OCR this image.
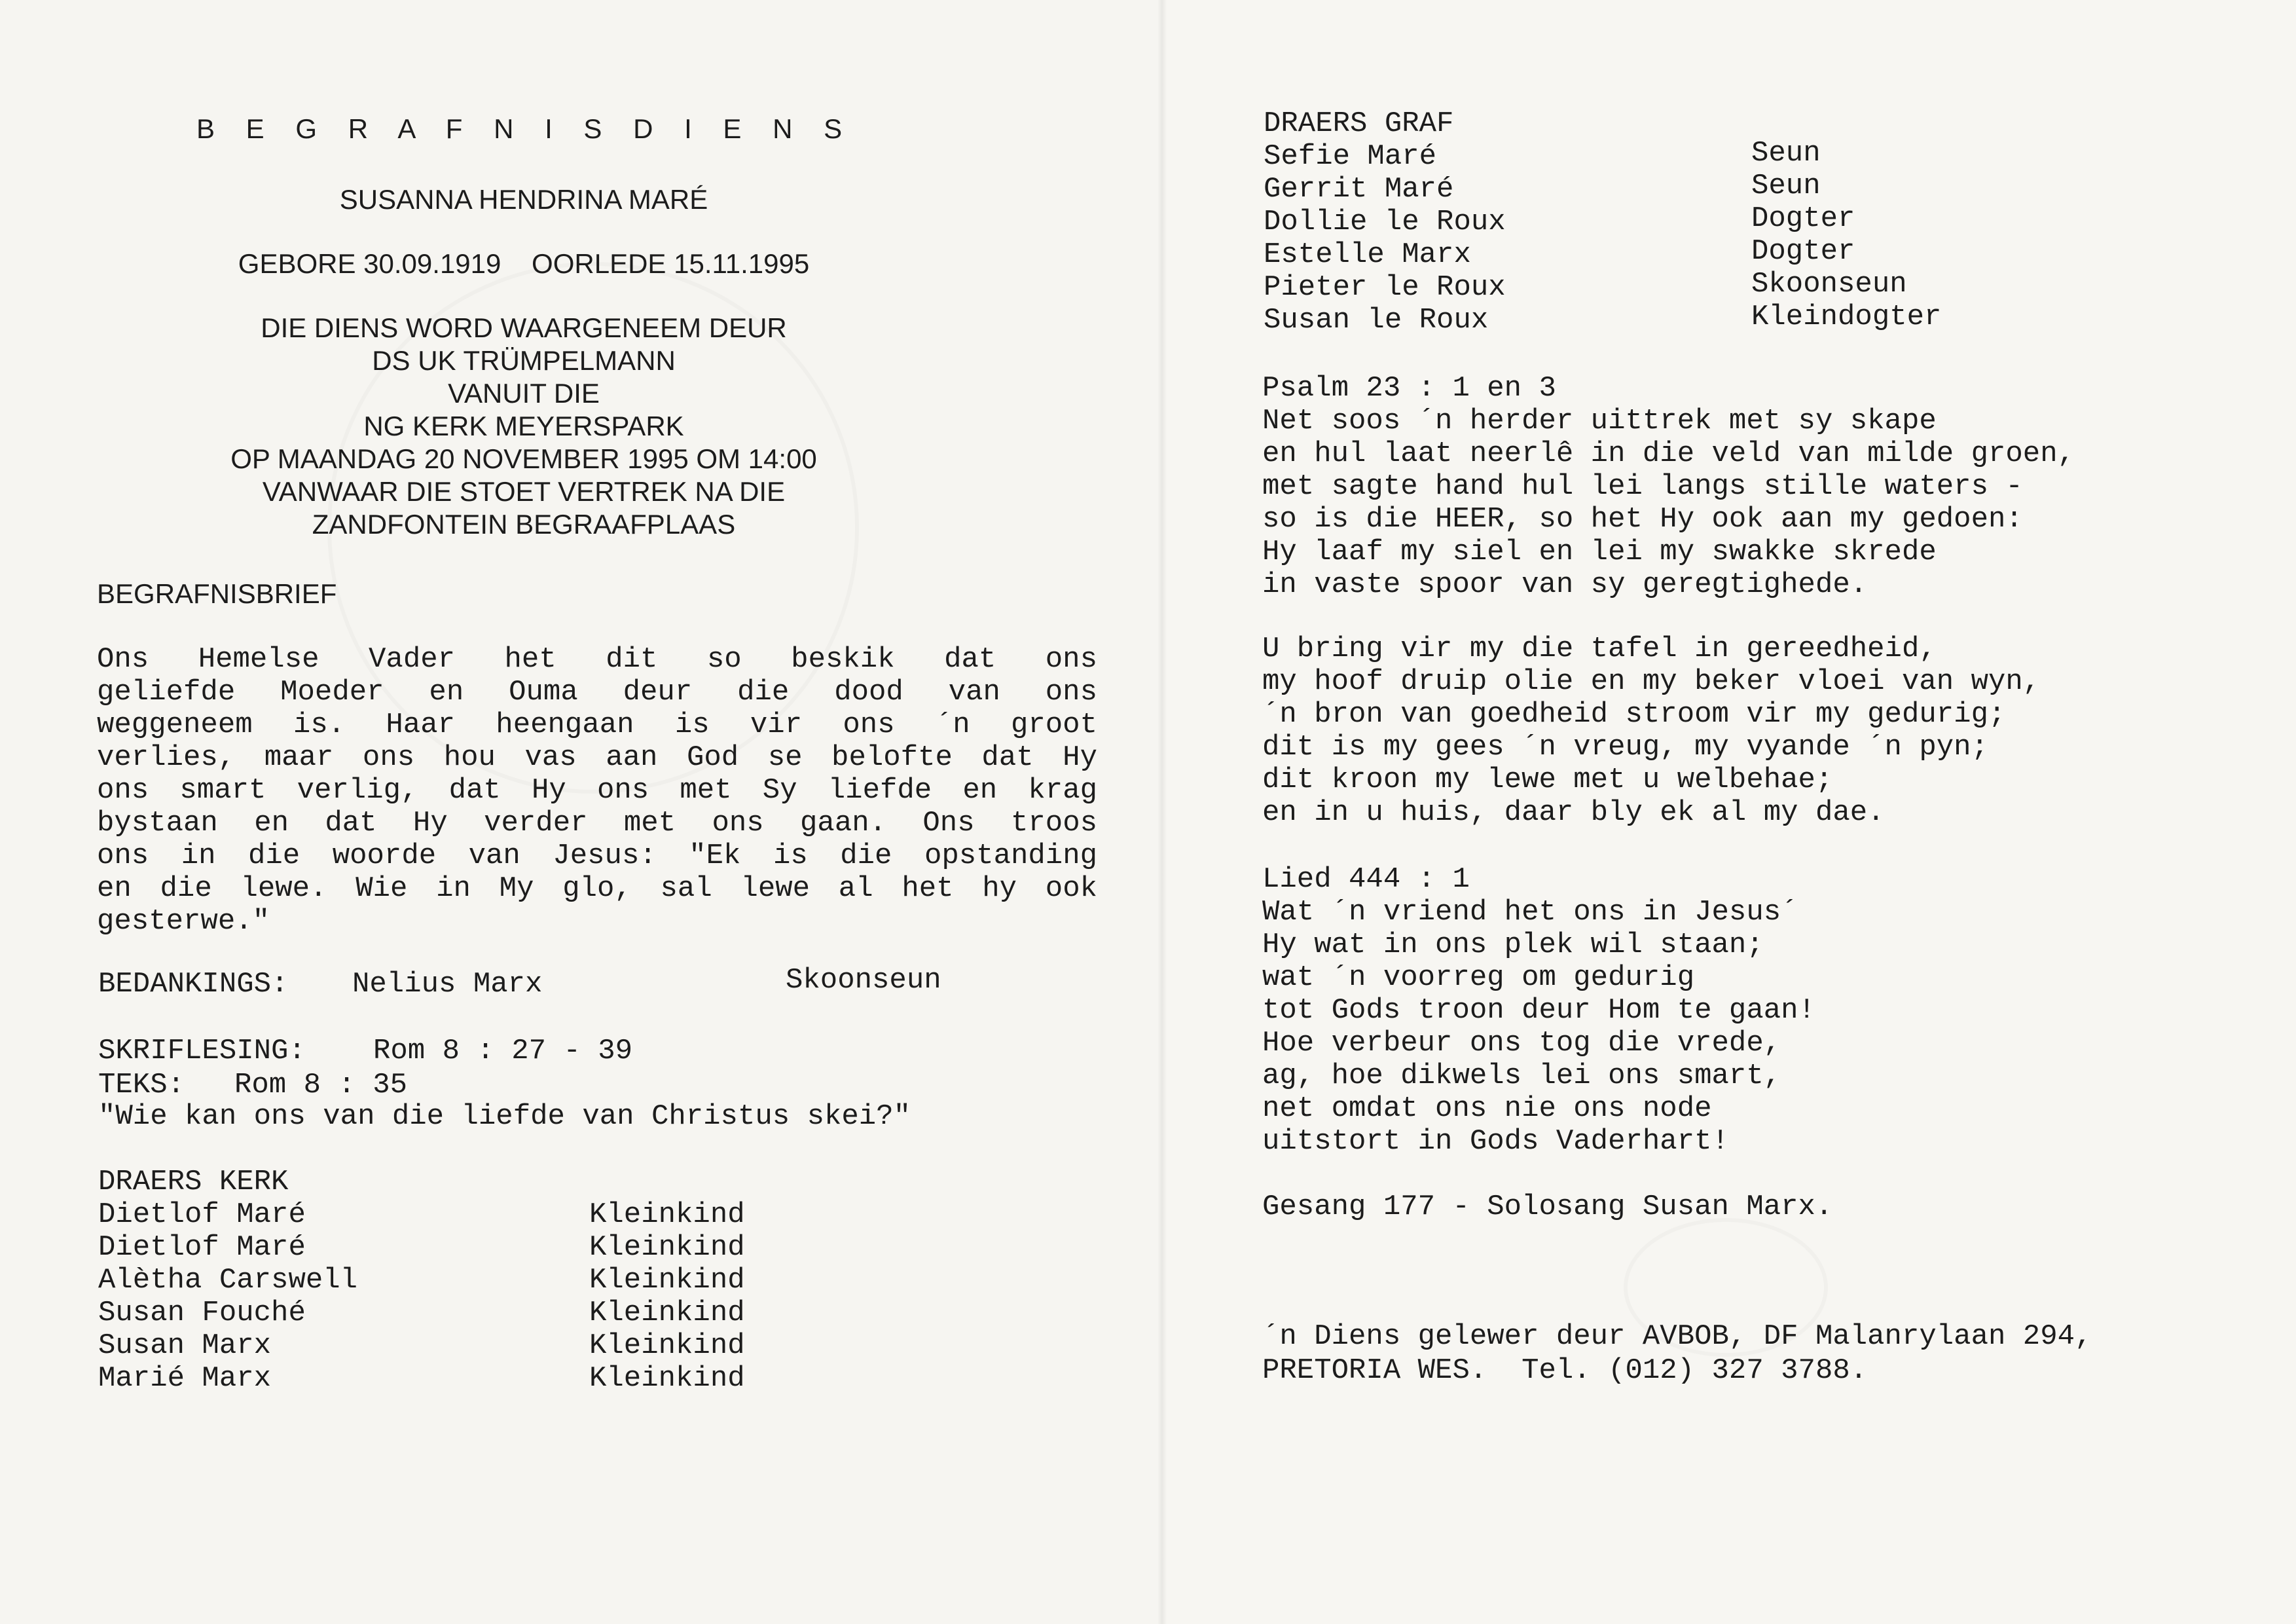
B E G R A F N I S D I E N S
SUSANNA HENDRINA MARÉ
GEBORE 30.09.1919    OORLEDE 15.11.1995
DIE DIENS WORD WAARGENEEM DEUR
DS UK TRÜMPELMANN
VANUIT DIE
NG KERK MEYERSPARK
OP MAANDAG 20 NOVEMBER 1995 OM 14:00
VANWAAR DIE STOET VERTREK NA DIE
ZANDFONTEIN BEGRAAFPLAAS
BEGRAFNISBRIEF
Ons Hemelse Vader het dit so beskik dat ons
geliefde Moeder en Ouma deur die dood van ons
weggeneem is. Haar heengaan is vir ons ´n groot
verlies, maar ons hou vas aan God se belofte dat Hy
ons smart verlig, dat Hy ons met Sy liefde en krag
bystaan en dat Hy verder met ons gaan. Ons troos
ons in die woorde van Jesus: "Ek is die opstanding
en die lewe. Wie in My glo, sal lewe al het hy ook
gesterwe."
BEDANKINGS: Nelius Marx	Skoonseun
SKRIFLESING: Rom 8 : 27 - 39
TEKS: Rom 8 : 35
"Wie kan ons van die liefde van Christus skei?"
DRAERS KERK
Dietlof Maré	Kleinkind
Dietlof Maré	Kleinkind
Alètha Carswell	Kleinkind
Susan Fouché	Kleinkind
Susan Marx	Kleinkind
Marié Marx	Kleinkind
DRAERS GRAF
Sefie Maré	Seun
Gerrit Maré	Seun
Dollie le Roux	Dogter
Estelle Marx	Dogter
Pieter le Roux	Skoonseun
Susan le Roux	Kleindogter
Psalm 23 : 1 en 3
Net soos ´n herder uittrek met sy skape
en hul laat neerlê in die veld van milde groen,
met sagte hand hul lei langs stille waters -
so is die HEER, so het Hy ook aan my gedoen:
Hy laaf my siel en lei my swakke skrede
in vaste spoor van sy geregtighede.
U bring vir my die tafel in gereedheid,
my hoof druip olie en my beker vloei van wyn,
´n bron van goedheid stroom vir my gedurig;
dit is my gees ´n vreug, my vyande ´n pyn;
dit kroon my lewe met u welbehae;
en in u huis, daar bly ek al my dae.
Lied 444 : 1
Wat ´n vriend het ons in Jesus´
Hy wat in ons plek wil staan;
wat ´n voorreg om gedurig
tot Gods troon deur Hom te gaan!
Hoe verbeur ons tog die vrede,
ag, hoe dikwels lei ons smart,
net omdat ons nie ons node
uitstort in Gods Vaderhart!
Gesang 177 - Solosang Susan Marx.
´n Diens gelewer deur AVBOB, DF Malanrylaan 294,
PRETORIA WES.  Tel. (012) 327 3788.
